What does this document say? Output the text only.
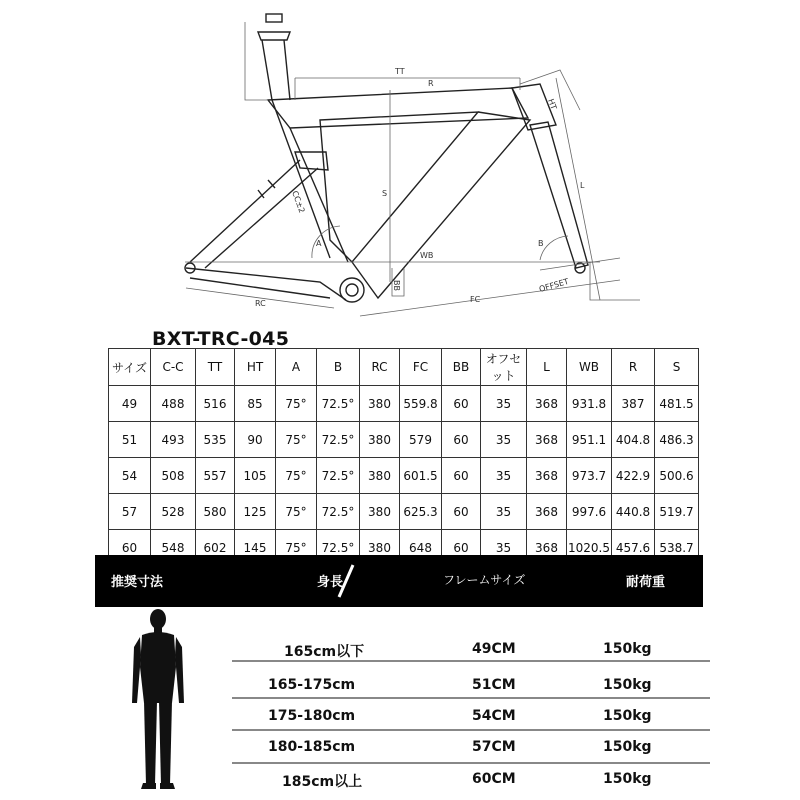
TT
R
HT
S
CC±2
A
WB
B
BB
RC	FC
OFFSET
L
BXT-TRC-045
サイズ	C-C	TT	HT	A	B	RC	FC	BB	オフセット	L	WB	R	S
49	488	516	85	75°	72.5°	380	559.8	60	35	368	931.8	387	481.5
51	493	535	90	75°	72.5°	380	579	60	35	368	951.1	404.8	486.3
54	508	557	105	75°	72.5°	380	601.5	60	35	368	973.7	422.9	500.6
57	528	580	125	75°	72.5°	380	625.3	60	35	368	997.6	440.8	519.7
60	548	602	145	75°	72.5°	380	648	60	35	368	1020.5	457.6	538.7
推奨寸法	身長	フレームサイズ	耐荷重
165cm以下	49CM	150kg
165-175cm	51CM	150kg
175-180cm	54CM	150kg
180-185cm	57CM	150kg
185cm以上	60CM	150kg
